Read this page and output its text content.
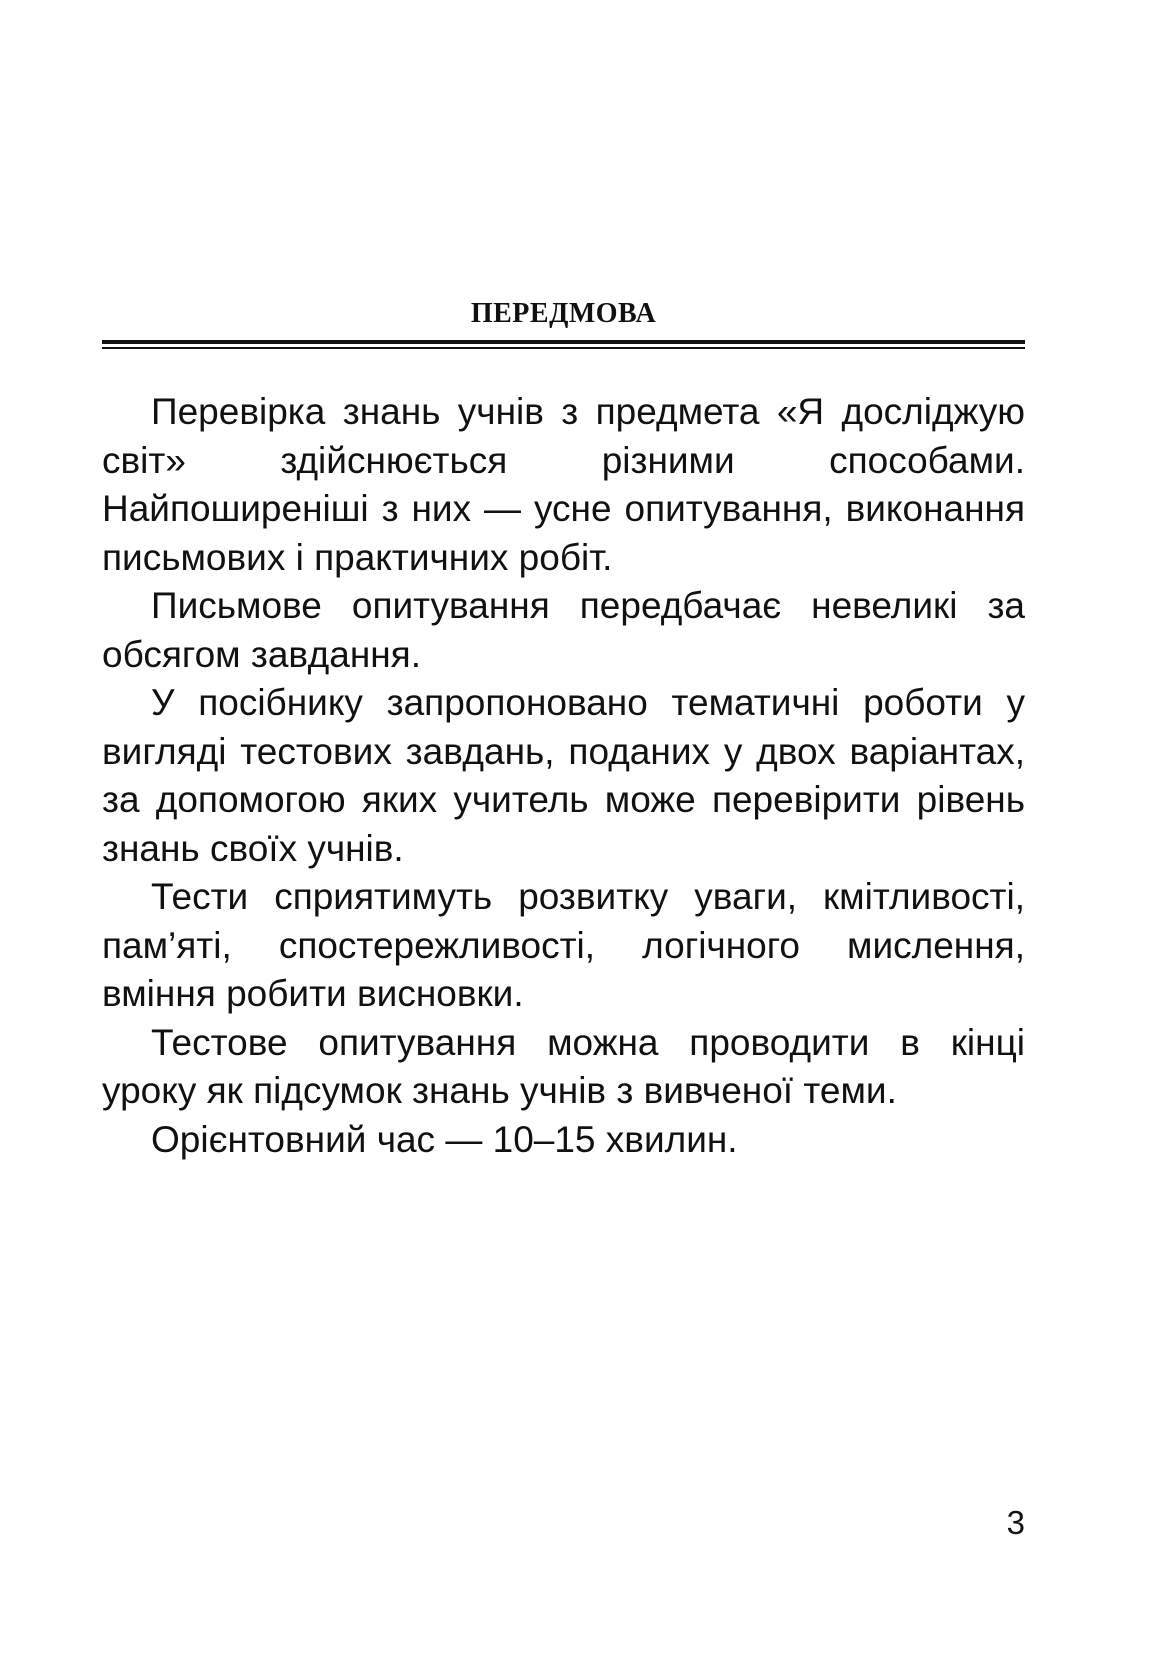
ПЕРЕДМОВА

Перевірка знань учнів з предмета «Я досліджую світ» здійснюється різними способами. Найпоширеніші з них — усне опитування, виконання письмових і практичних робіт.

Письмове опитування передбачає невеликі за обсягом завдання.

У посібнику запропоновано тематичні роботи у вигляді тестових завдань, поданих у двох варіантах, за допомогою яких учитель може перевірити рівень знань своїх учнів.

Тести сприятимуть розвитку уваги, кмітливості, пам’яті, спостережливості, логічного мислення, вміння робити висновки.

Тестове опитування можна проводити в кінці уроку як підсумок знань учнів з вивченої теми.

Орієнтовний час — 10–15 хвилин.

3
